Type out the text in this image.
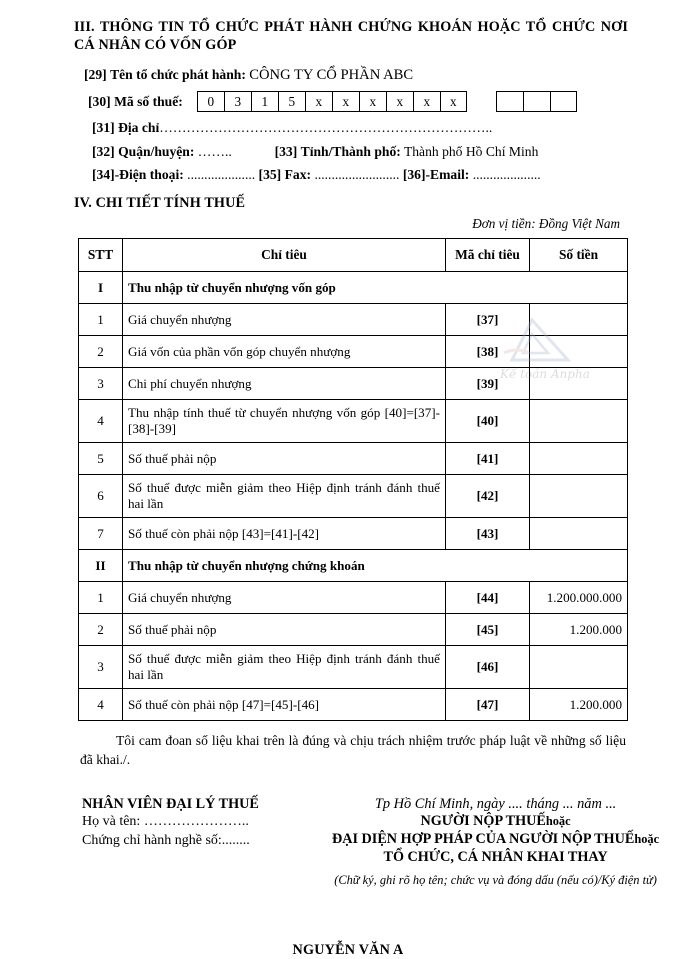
III. THÔNG TIN TỔ CHỨC PHÁT HÀNH CHỨNG KHOÁN HOẶC TỔ CHỨC NƠI CÁ NHÂN CÓ VỐN GÓP
[29] Tên tổ chức phát hành: CÔNG TY CỔ PHẦN ABC
[30] Mã số thuế:	0	3	1	5	x	x	x	x	x	x
[31] Địa chỉ………………………………………………………………..
[32] Quận/huyện: ……..	[33] Tỉnh/Thành phố: Thành phố Hồ Chí Minh
[34]-Điện thoại: .................... [35] Fax: ......................... [36]-Email: ....................
IV. CHI TIẾT TÍNH THUẾ
Đơn vị tiền: Đồng Việt Nam
STT	Chỉ tiêu	Mã chỉ tiêu	Số tiền
I	Thu nhập từ chuyển nhượng vốn góp		
1	Giá chuyển nhượng	[37]	
2	Giá vốn của phần vốn góp chuyển nhượng	[38]	
3	Chi phí chuyển nhượng	[39]	
4	Thu nhập tính thuế từ chuyển nhượng vốn góp [40]=[37]-[38]-[39]	[40]	
5	Số thuế phải nộp	[41]	
6	Số thuế được miễn giảm theo Hiệp định tránh đánh thuế hai lần	[42]	
7	Số thuế còn phải nộp [43]=[41]-[42]	[43]	
II	Thu nhập từ chuyển nhượng chứng khoán		
1	Giá chuyển nhượng	[44]	1.200.000.000
2	Số thuế phải nộp	[45]	1.200.000
3	Số thuế được miễn giảm theo Hiệp định tránh đánh thuế hai lần	[46]	
4	Số thuế còn phải nộp [47]=[45]-[46]	[47]	1.200.000
Tôi cam đoan số liệu khai trên là đúng và chịu trách nhiệm trước pháp luật về những số liệu đã khai./.
NHÂN VIÊN ĐẠI LÝ THUẾ
Họ và tên: …………………..
Chứng chỉ hành nghề số:........
Tp Hồ Chí Minh, ngày .... tháng ... năm ...
NGƯỜI NỘP THUẾhoặc
ĐẠI DIỆN HỢP PHÁP CỦA NGƯỜI NỘP THUẾhoặc
TỔ CHỨC, CÁ NHÂN KHAI THAY
(Chữ ký, ghi rõ họ tên; chức vụ và đóng dấu (nếu có)/Ký điện tử)
NGUYỄN VĂN A
Kế toán Anpha
